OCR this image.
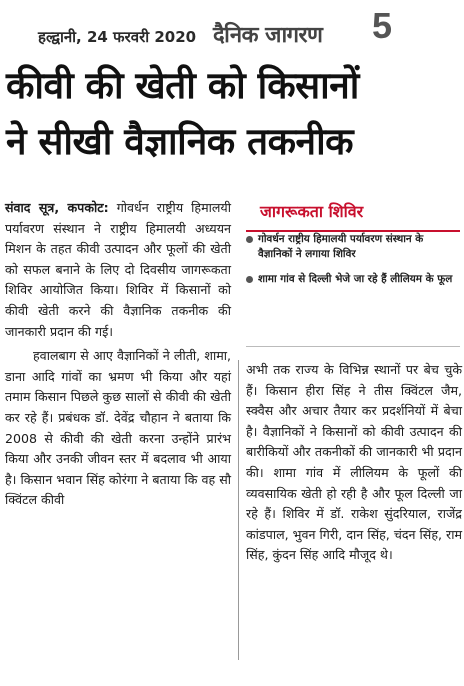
हल्द्वानी, 24 फरवरी 2020 दैनिक जागरण 5
कीवी की खेती को किसानों
ने सीखी वैज्ञानिक तकनीक

संवाद सूत्र, कपकोट: गोवर्धन राष्ट्रीय हिमालयी पर्यावरण संस्थान ने राष्ट्रीय हिमालयी अध्ययन मिशन के तहत कीवी उत्पादन और फूलों की खेती को सफल बनाने के लिए दो दिवसीय जागरूकता शिविर आयोजित किया। शिविर में किसानों को कीवी खेती करने की वैज्ञानिक तकनीक की जानकारी प्रदान की गई।

हवालबाग से आए वैज्ञानिकों ने लीती, शामा, डाना आदि गांवों का भ्रमण भी किया और यहां तमाम किसान पिछले कुछ सालों से कीवी की खेती कर रहे हैं। प्रबंधक डॉ. देवेंद्र चौहान ने बताया कि 2008 से कीवी की खेती करना उन्होंने प्रारंभ किया और उनकी जीवन स्तर में बदलाव भी आया है। किसान भवान सिंह कोरंगा ने बताया कि वह सौ क्विंटल कीवी

जागरूकता शिविर
गोवर्धन राष्ट्रीय हिमालयी पर्यावरण संस्थान के वैज्ञानिकों ने लगाया शिविर
शामा गांव से दिल्ली भेजे जा रहे हैं लीलियम के फूल

अभी तक राज्य के विभिन्न स्थानों पर बेच चुके हैं। किसान हीरा सिंह ने तीस क्विंटल जैम, स्क्वैस और अचार तैयार कर प्रदर्शनियों में बेचा है। वैज्ञानिकों ने किसानों को कीवी उत्पादन की बारीकियों और तकनीकों की जानकारी भी प्रदान की। शामा गांव में लीलियम के फूलों की व्यवसायिक खेती हो रही है और फूल दिल्ली जा रहे हैं। शिविर में डॉ. राकेश सुंदरियाल, राजेंद्र कांडपाल, भुवन गिरी, दान सिंह, चंदन सिंह, राम सिंह, कुंदन सिंह आदि मौजूद थे।
